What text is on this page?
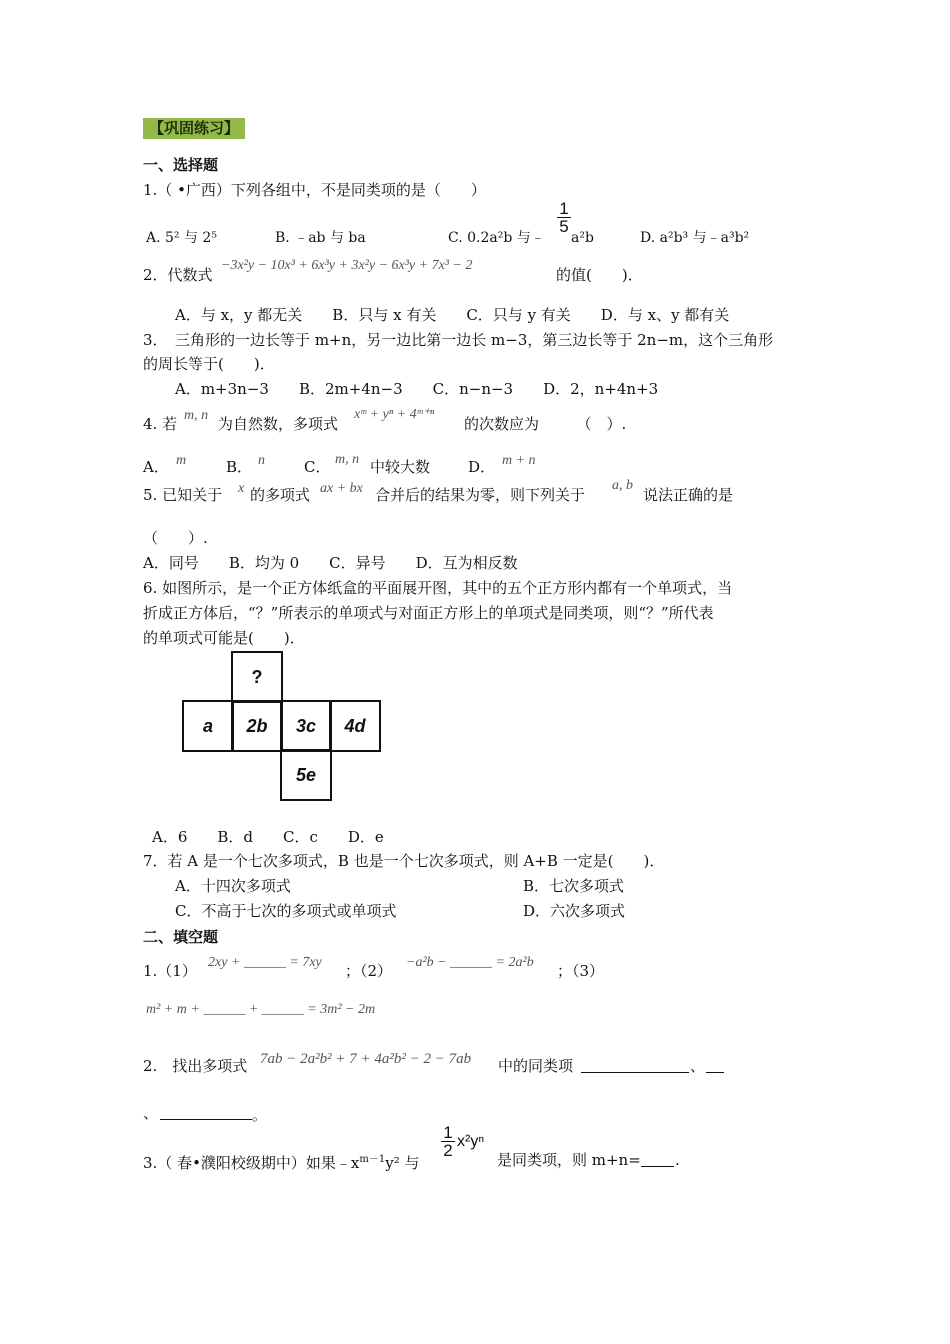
【巩固练习】
一、选择题
1.（ •广西）下列各组中，不是同类项的是（　　）
A. 5² 与 2⁵	B. ﹣ab 与 ba	C. 0.2a²b 与﹣
$\frac{1}{5}$
a²b	D. a²b³ 与﹣a³b²
2．代数式
−3x²y − 10x³ + 6x³y + 3x²y − 6x³y + 7x³ − 2
的值(　　)．
A．与 x，y 都无关　　B．只与 x 有关　　C．只与 y 有关　　D．与 x、y 都有关
3．　三角形的一边长等于 m+n，另一边比第一边长 m−3，第三边长等于 2n−m，这个三角形
的周长等于(　　)．
A．m+3n−3　　B．2m+4n−3　　C．n−n−3　　D．2，n+4n+3
4. 若 m, n 为自然数，多项式
xᵐ + yⁿ + 4ᵐ⁺ⁿ
的次数应为　　　（　）.
A． m	B． n	C． m, n 中较大数	D． m + n
5. 已知关于 x 的多项式 ax + bx 合并后的结果为零，则下列关于
a, b
说法正确的是
（　　）.
A．同号　　B．均为 0　　C．异号　　D．互为相反数
6. 如图所示，是一个正方体纸盒的平面展开图，其中的五个正方形内都有一个单项式，当
折成正方体后，“？”所表示的单项式与对面正方形上的单项式是同类项，则“？”所代表
的单项式可能是(　　)．
?
a	2b	3c	4d
5e
A．6　　B．d　　C．c　　D．e
7．若 A 是一个七次多项式，B 也是一个七次多项式，则 A+B 一定是(　　)．
A．十四次多项式	B．七次多项式
C．不高于七次的多项式或单项式	D．六次多项式
二、填空题
1.（1） 2xy + ______ = 7xy ；（2） −a²b − ______ = 2a²b ；（3）
m² + m + ______ + ______ = 3m² − 2m
2.　找出多项式 7ab − 2a²b² + 7 + 4a²b² − 2 − 7ab 中的同类项	、
、	。
3.（ 春•濮阳校级期中）如果$﹣x^{m-1}y^2$ 与
$\frac{1}{2} x^2y^n$
是同类项，则 m+n= .
